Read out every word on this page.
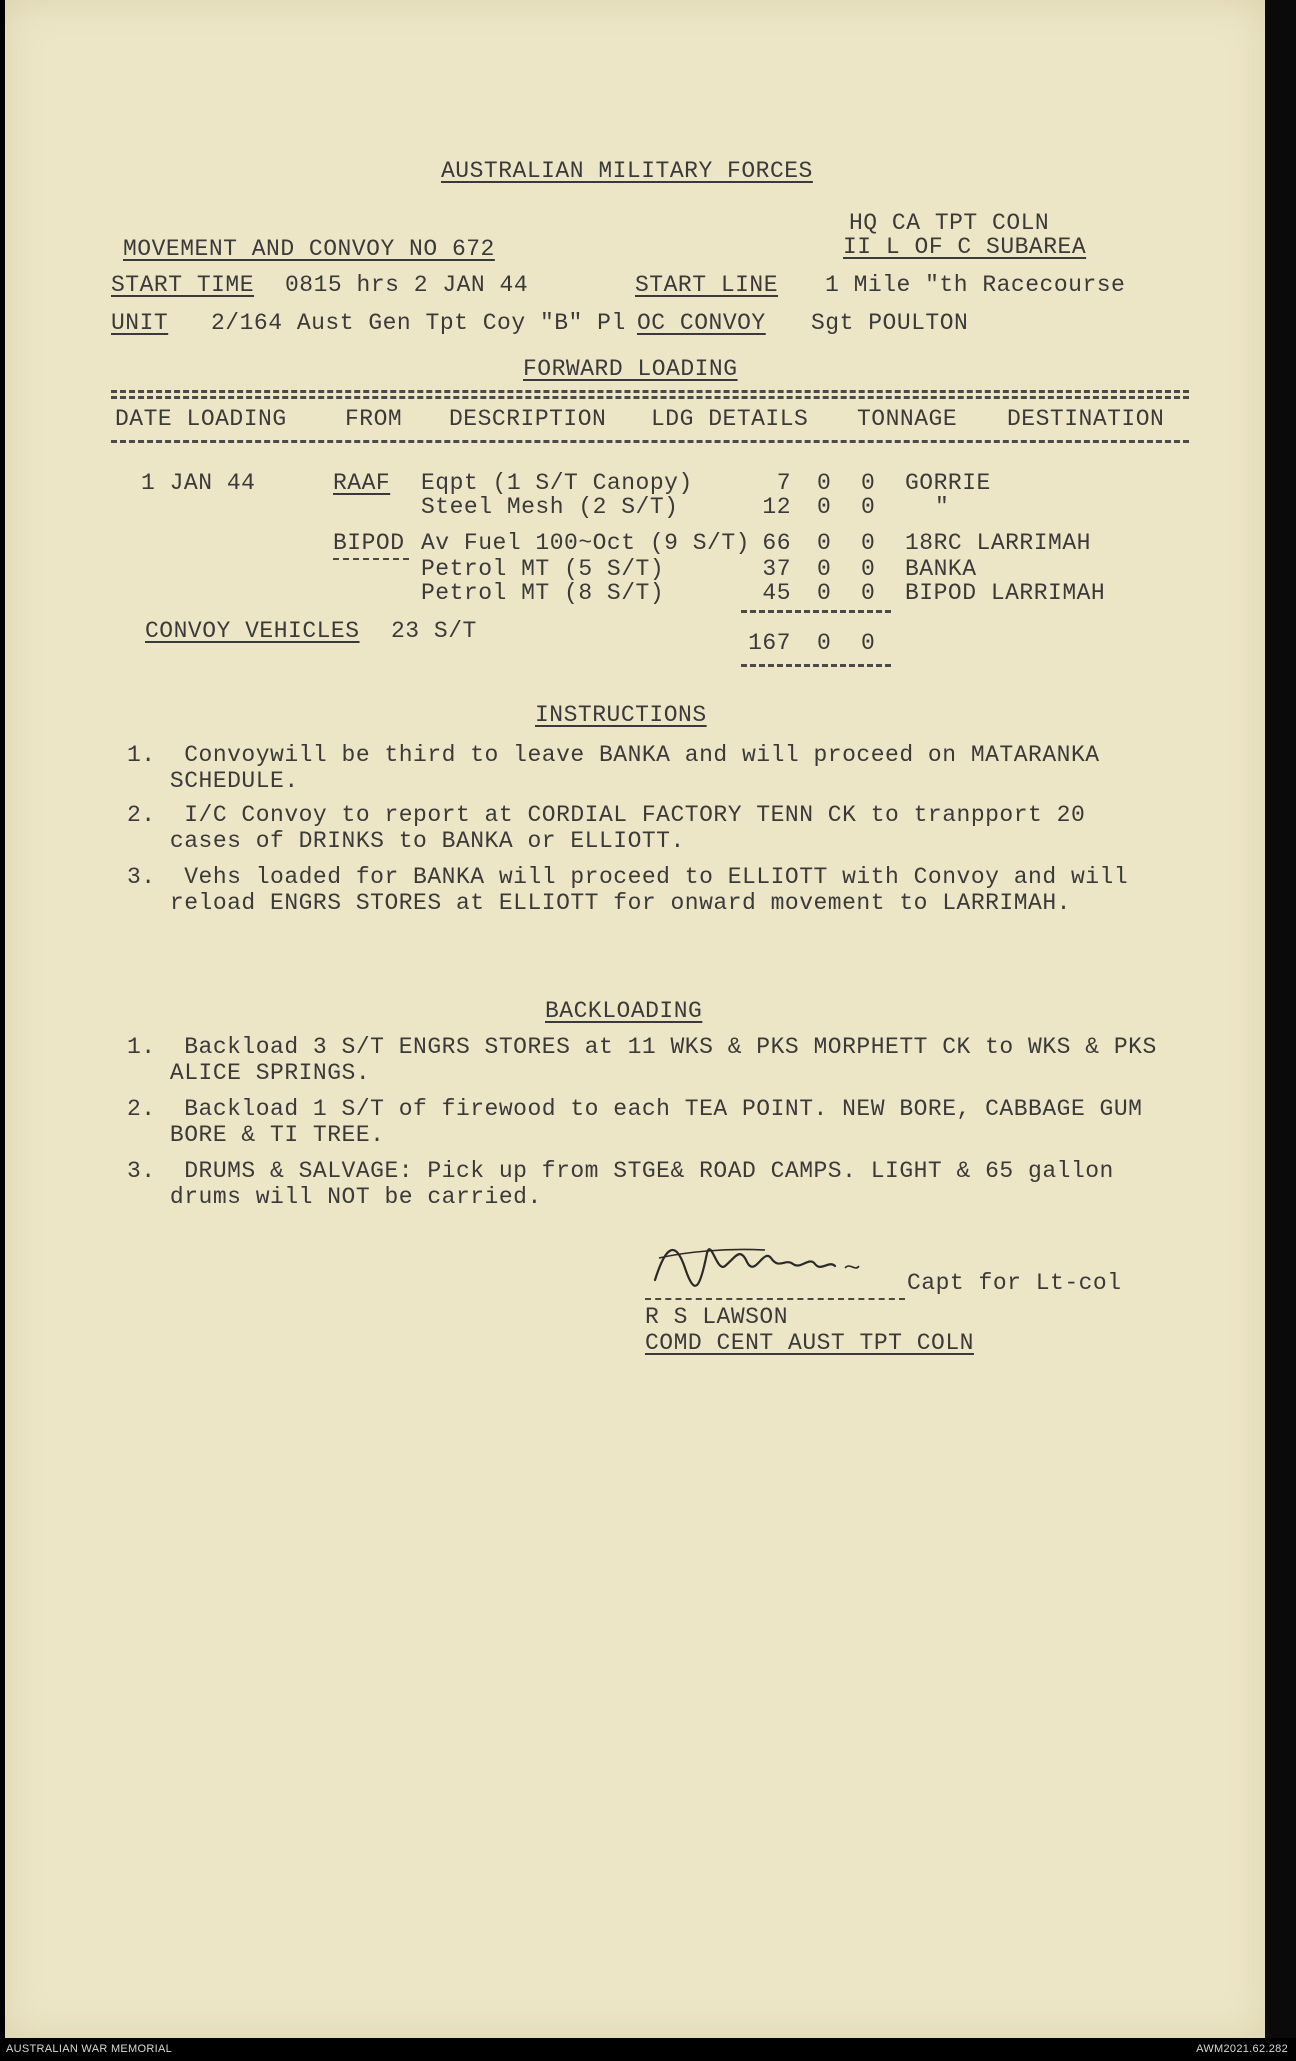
AUSTRALIAN MILITARY FORCES
HQ CA TPT COLN
II L OF C SUBAREA
MOVEMENT AND CONVOY NO 672
START TIME 0815 hrs 2 JAN 44	START LINE 1 Mile "th Racecourse
UNIT 2/164 Aust Gen Tpt Coy "B" Pl OC CONVOY Sgt POULTON
FORWARD LOADING
DATE LOADING	FROM DESCRIPTION LDG DETAILS TONNAGE DESTINATION
1 JAN 44	RAAF Eqpt (1 S/T Canopy)	7 0 0 GORRIE
Steel Mesh (2 S/T)	12 0 0	"
BIPOD Av Fuel 100~Oct (9 S/T) 66 0 0 18RC LARRIMAH
Petrol MT (5 S/T)	37 0 0 BANKA
Petrol MT (8 S/T)	45 0 0 BIPOD LARRIMAH
CONVOY VEHICLES 23 S/T	167 0 0
INSTRUCTIONS
1.  Convoywill be third to leave BANKA and will proceed on MATARANKA
SCHEDULE.
2.  I/C Convoy to report at CORDIAL FACTORY TENN CK to tranpport 20
cases of DRINKS to BANKA or ELLIOTT.
3.  Vehs loaded for BANKA will proceed to ELLIOTT with Convoy and will
reload ENGRS STORES at ELLIOTT for onward movement to LARRIMAH.
BACKLOADING
1.  Backload 3 S/T ENGRS STORES at 11 WKS & PKS MORPHETT CK to WKS & PKS
ALICE SPRINGS.
2.  Backload 1 S/T of firewood to each TEA POINT. NEW BORE, CABBAGE GUM
BORE & TI TREE.
3.  DRUMS & SALVAGE: Pick up from STGE& ROAD CAMPS. LIGHT & 65 gallon
drums will NOT be carried.
Capt for Lt-col
R S LAWSON
COMD CENT AUST TPT COLN
AUSTRALIAN WAR MEMORIAL	AWM2021.62.282
